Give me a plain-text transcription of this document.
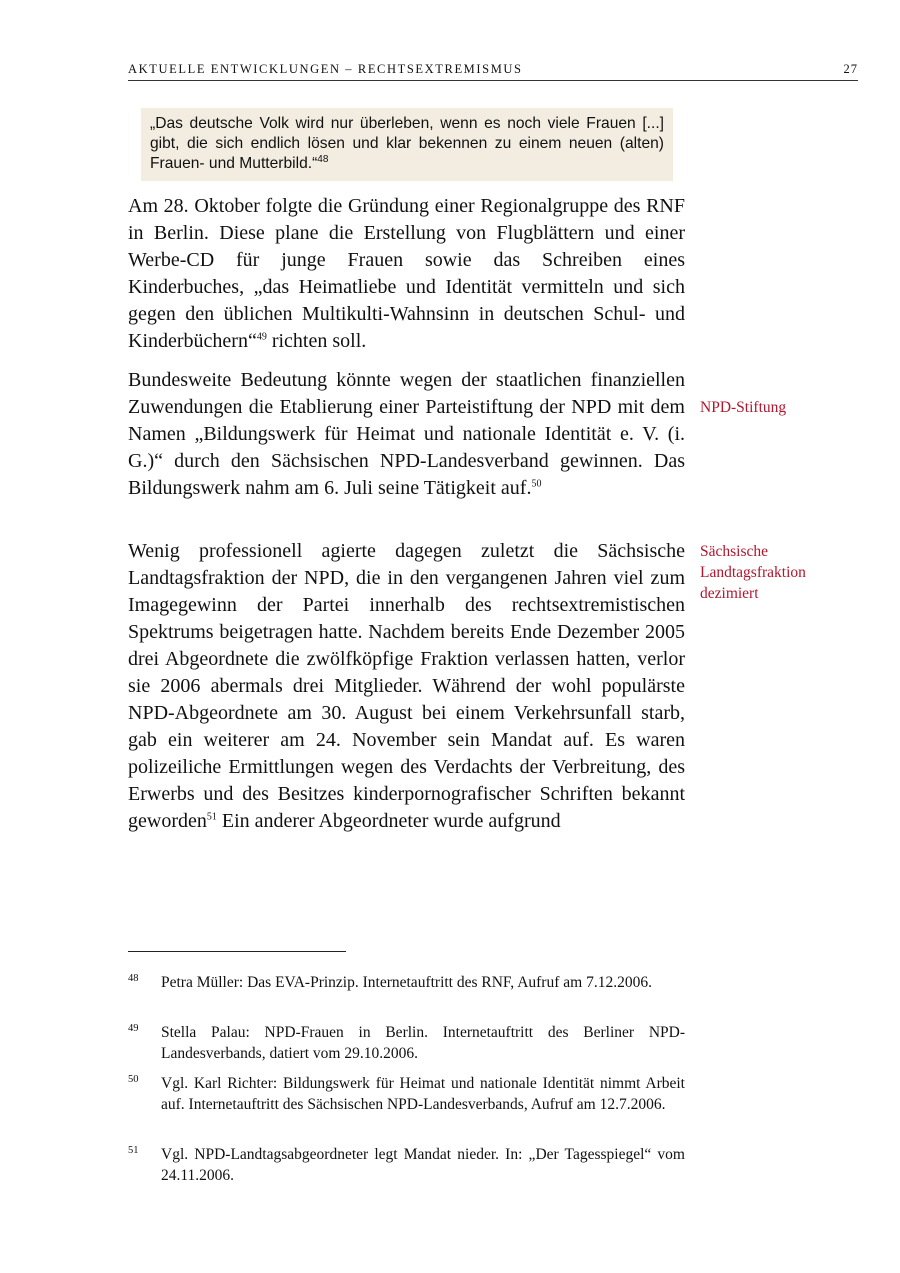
AKTUELLE ENTWICKLUNGEN – RECHTSEXTREMISMUS	27
„Das deutsche Volk wird nur überleben, wenn es noch viele Frauen [...] gibt, die sich endlich lösen und klar bekennen zu einem neuen (alten) Frauen- und Mutterbild.“$^{48}$
Am 28. Oktober folgte die Gründung einer Regionalgruppe des RNF in Berlin. Diese plane die Erstellung von Flugblättern und einer Werbe-CD für junge Frauen sowie das Schreiben eines Kinderbuches, „das Heimatliebe und Identität vermitteln und sich gegen den üblichen Multikulti-Wahnsinn in deutschen Schul- und Kinderbüchern“$^{49}$ richten soll.
Bundesweite Bedeutung könnte wegen der staatlichen finanziellen Zuwendungen die Etablierung einer Parteistiftung der NPD mit dem Namen „Bildungswerk für Heimat und nationale Identität e. V. (i. G.)“ durch den Sächsischen NPD-Landesverband gewinnen. Das Bildungswerk nahm am 6. Juli seine Tätigkeit auf.$^{50}$
Wenig professionell agierte dagegen zuletzt die Sächsische Landtagsfraktion der NPD, die in den vergangenen Jahren viel zum Imagegewinn der Partei innerhalb des rechtsextremistischen Spektrums beigetragen hatte. Nachdem bereits Ende Dezember 2005 drei Abgeordnete die zwölfköpfige Fraktion verlassen hatten, verlor sie 2006 abermals drei Mitglieder. Während der wohl populärste NPD-Abgeordnete am 30. August bei einem Verkehrsunfall starb, gab ein weiterer am 24. November sein Mandat auf. Es waren polizeiliche Ermittlungen wegen des Verdachts der Verbreitung, des Erwerbs und des Besitzes kinderpornografischer Schriften bekannt geworden$^{51}$ Ein anderer Abgeordneter wurde aufgrund
NPD-Stiftung
Sächsische Landtagsfraktion dezimiert
48 Petra Müller: Das EVA-Prinzip. Internetauftritt des RNF, Aufruf am 7.12.2006.
49 Stella Palau: NPD-Frauen in Berlin. Internetauftritt des Berliner NPD-Landesverbands, datiert vom 29.10.2006.
50 Vgl. Karl Richter: Bildungswerk für Heimat und nationale Identität nimmt Arbeit auf. Internetauftritt des Sächsischen NPD-Landesverbands, Aufruf am 12.7.2006.
51 Vgl. NPD-Landtagsabgeordneter legt Mandat nieder. In: „Der Tagesspiegel“ vom 24.11.2006.
